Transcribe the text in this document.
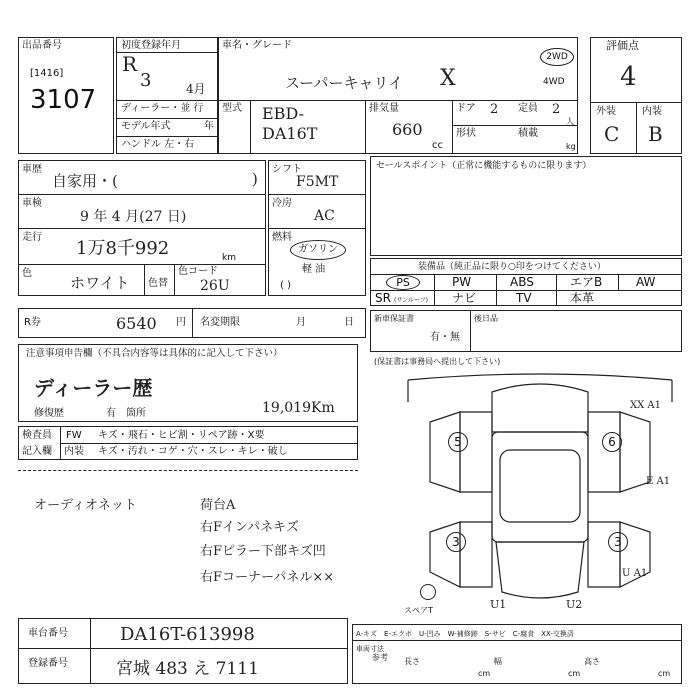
出品番号
[1416]
3107
初度登録年月
R
3	4月
ディーラー・並 行
モデル年式	年
ハンドル 左・右
車名・グレード
スーパーキャリイ X
2WD
4WD
型式 EBD-
DA16T
排気量
660
cc
ドア 2 定員 2
人
形状	積載
kg
評価点
4
外装	内装
C B
車歴
自家用・(	)
車検
9 年 4 月(27 日)
走行
1万8千992	km
色
ホワイト 色替
色コード
26U
シフト
F5MT
冷房
AC
燃料
ガソリン
軽 油
( )
セールスポイント（正常に機能するものに限ります）
装備品（純正品に限り○印をつけてください）
PS	PW	ABS	エアB	AW
SR (サンルーフ) ナビ	TV	本革
R券	6540 円 名変期限	月	日	新車保証書
有・無
後日品
(保証書は事務局へ提出して下さい)
注意事項申告欄（不具合内容等は具体的に記入して下さい）
ディーラー歴
修復歴	有 箇所	19,019Km
検査員
記入欄
FW キズ・飛石・ヒビ割・リペア跡・X要
内装 キズ・汚れ・コゲ・穴・スレ・キレ・破し
オーディオネット	荷台A
右Fインパネキズ
右Fピラー下部キズ凹
右Fコーナーパネル××
5	6
3	3
XX A1
E A1
U A1
U1	U2
スペアT
A-キズ　E-エクボ　U-凹み　W-補修跡　S-サビ　C-腐食　XX-交換済
参考
車両寸法
長さ
cm
幅
cm
高さ
cm
車台番号	DA16T-613998
登録番号	宮城 483 え 7111
